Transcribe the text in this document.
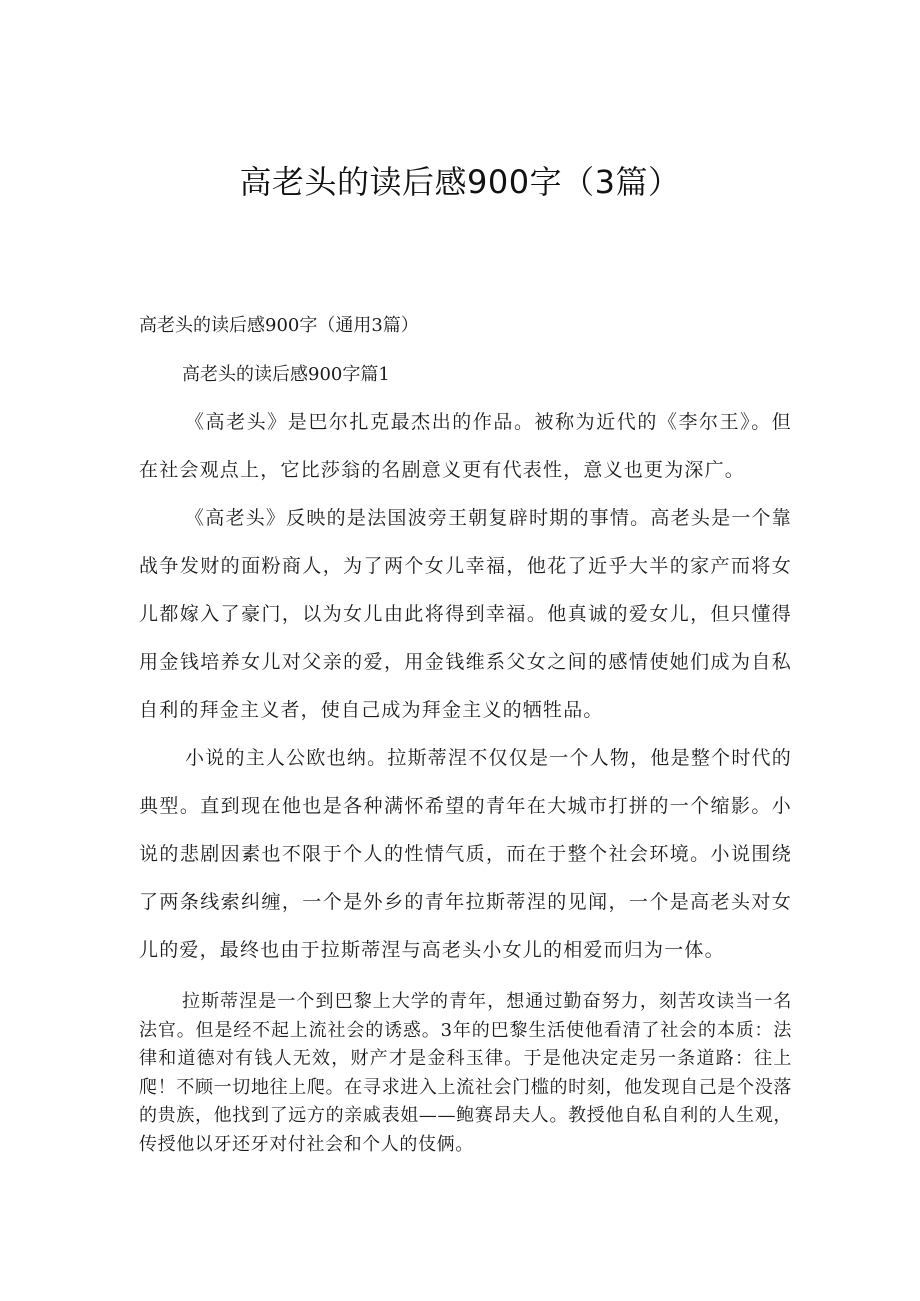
高老头的读后感900字（3篇）
高老头的读后感900字（通用3篇）
高老头的读后感900字篇1

《高老头》是巴尔扎克最杰出的作品。被称为近代的《李尔王》。但在社会观点上，它比莎翁的名剧意义更有代表性，意义也更为深广。

《高老头》反映的是法国波旁王朝复辟时期的事情。高老头是一个靠战争发财的面粉商人，为了两个女儿幸福，他花了近乎大半的家产而将女儿都嫁入了豪门，以为女儿由此将得到幸福。他真诚的爱女儿，但只懂得用金钱培养女儿对父亲的爱，用金钱维系父女之间的感情使她们成为自私自利的拜金主义者，使自己成为拜金主义的牺牲品。

小说的主人公欧也纳。拉斯蒂涅不仅仅是一个人物，他是整个时代的典型。直到现在他也是各种满怀希望的青年在大城市打拼的一个缩影。小说的悲剧因素也不限于个人的性情气质，而在于整个社会环境。小说围绕了两条线索纠缠，一个是外乡的青年拉斯蒂涅的见闻，一个是高老头对女儿的爱，最终也由于拉斯蒂涅与高老头小女儿的相爱而归为一体。

拉斯蒂涅是一个到巴黎上大学的青年，想通过勤奋努力，刻苦攻读当一名法官。但是经不起上流社会的诱惑。3年的巴黎生活使他看清了社会的本质：法律和道德对有钱人无效，财产才是金科玉律。于是他决定走另一条道路：往上爬！不顾一切地往上爬。在寻求进入上流社会门槛的时刻，他发现自己是个没落的贵族，他找到了远方的亲戚表姐——鲍赛昂夫人。教授他自私自利的人生观，传授他以牙还牙对付社会和个人的伎俩。
